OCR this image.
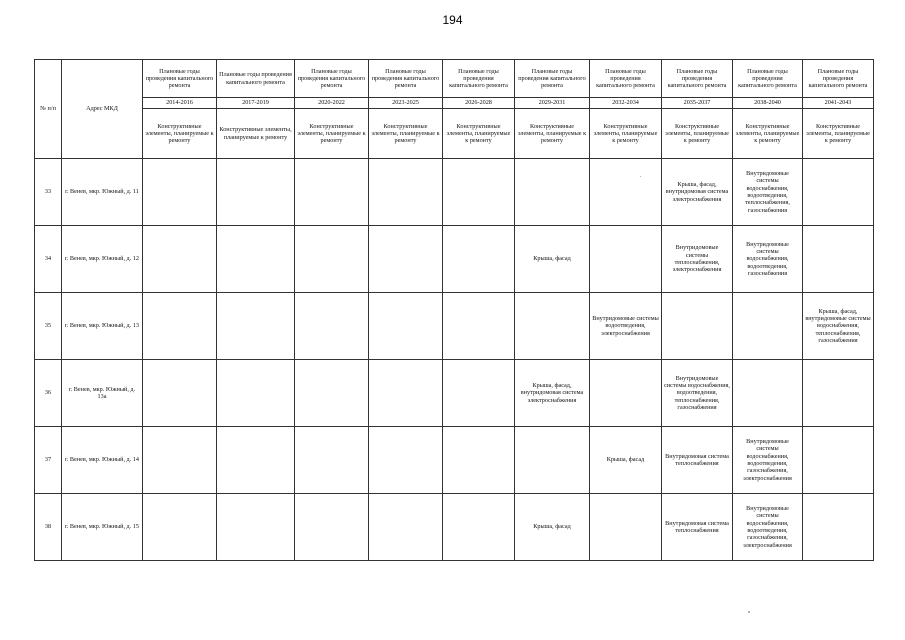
194
№ п/п	Адрес МКД	Плановые годы проведения капитального ремонта	Плановые годы проведения капитального ремонта	Плановые годы проведения капитального ремонта	Плановые годы проведения капитального ремонта	Плановые годы проведения капитального ремонта	Плановые годы проведения капитального ремонта	Плановые годы проведения капитального ремонта	Плановые годы проведения капитального ремонта	Плановые годы проведения капитального ремонта	Плановые годы проведения капитального ремонта
		2014-2016	2017-2019	2020-2022	2023-2025	2026-2028	2029-2031	2032-2034	2035-2037	2038-2040	2041-2043
		Конструктивные элементы, планируемые к ремонту	Конструктивные элементы, планируемые к ремонту	Конструктивные элементы, планируемые к ремонту	Конструктивные элементы, планируемые к ремонту	Конструктивные элементы, планируемые к ремонту	Конструктивные элементы, планируемые к ремонту	Конструктивные элементы, планируемые к ремонту	Конструктивные элементы, планируемые к ремонту	Конструктивные элементы, планируемые к ремонту	Конструктивные элементы, планируемые к ремонту
33	г. Венев, мкр. Южный, д. 11								Крыша, фасад, внутридомовая система электроснабжения	Внутридомовые системы водоснабжения, водоотведения, теплоснабжения, газоснабжения	
34	г. Венев, мкр. Южный, д. 12						Крыша, фасад		Внутридомовые системы теплоснабжения, электроснабжения	Внутридомовые системы водоснабжения, водоотведения, газоснабжения	
35	г. Венев, мкр. Южный, д. 13							Внутридомовые системы водоотведения, электроснабжения			Крыша, фасад, внутридомовые системы водоснабжения, теплоснабжения, газоснабжения
36	г. Венев, мкр. Южный, д. 13а						Крыша, фасад, внутридомовая система электроснабжения		Внутридомовые системы водоснабжения, водоотведения, теплоснабжения, газоснабжения		
37	г. Венев, мкр. Южный, д. 14							Крыша, фасад	Внутридомовая система теплоснабжения	Внутридомовые системы водоснабжения, водоотведения, газоснабжения, электроснабжения	
38	г. Венев, мкр. Южный, д. 15						Крыша, фасад		Внутридомовая система теплоснабжения	Внутридомовые системы водоснабжения, водоотведения, газоснабжения, электроснабжения	
